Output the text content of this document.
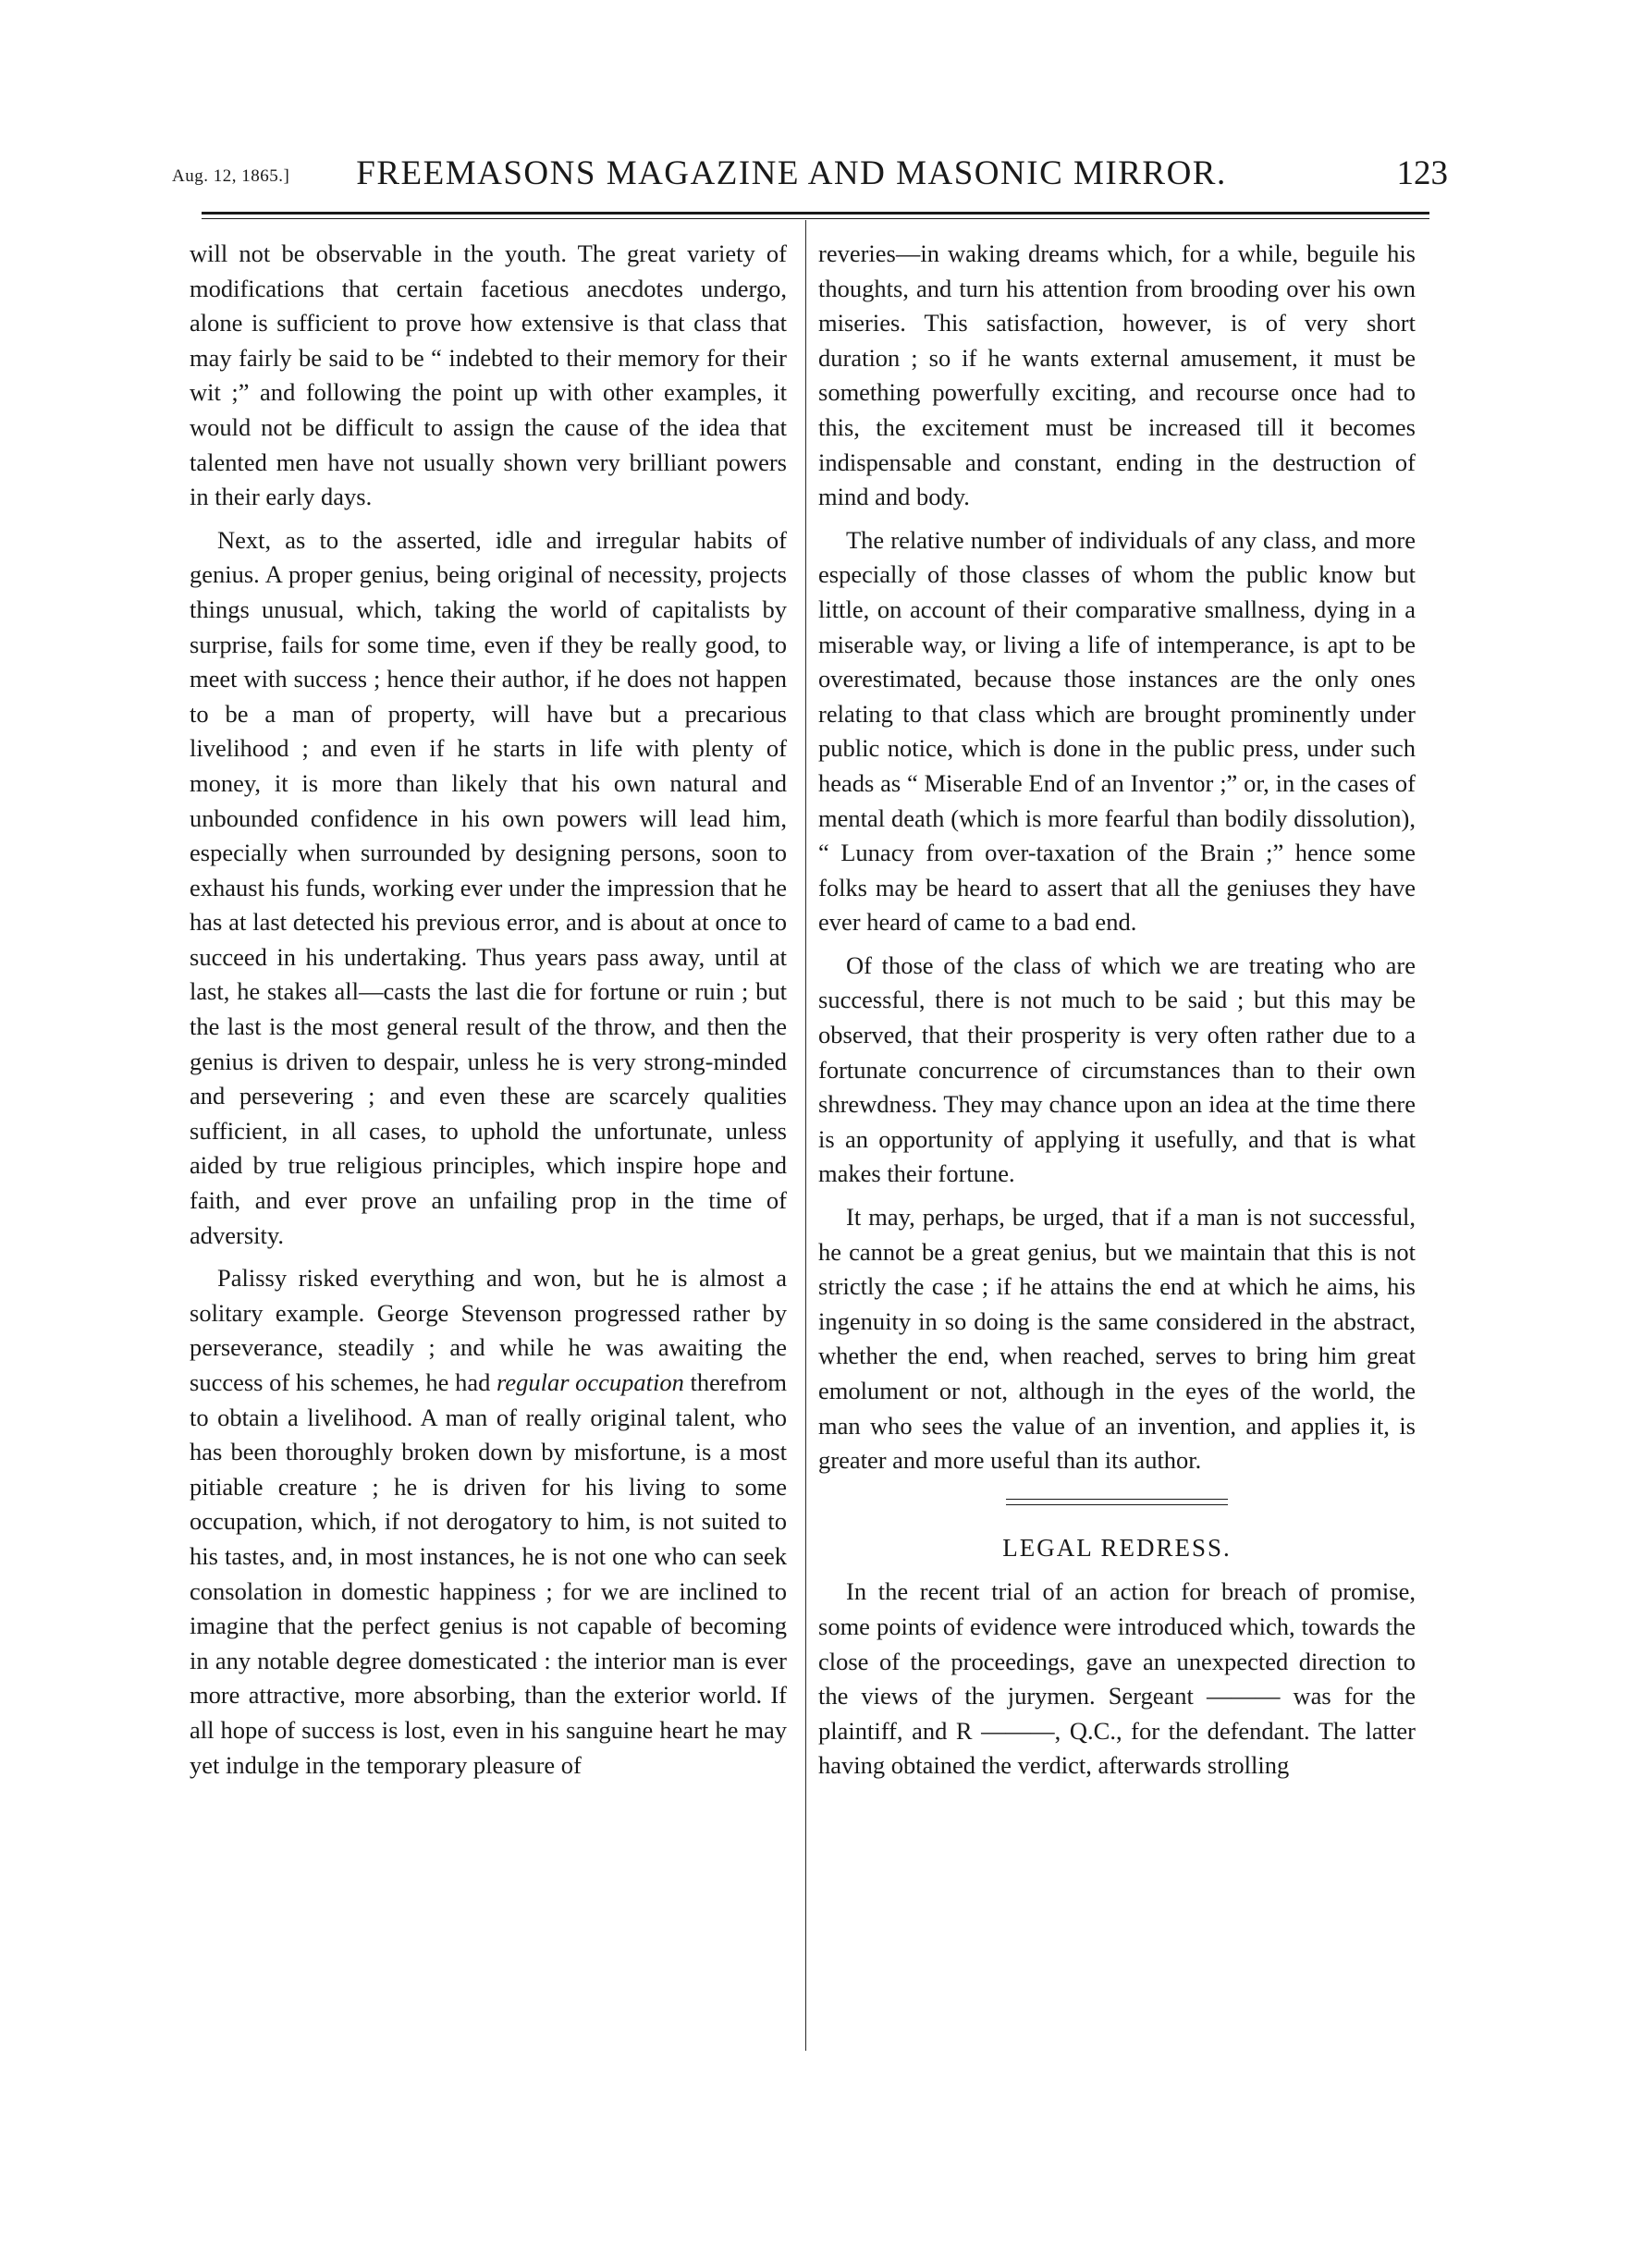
Aug. 12, 1865.]	FREEMASONS MAGAZINE AND MASONIC MIRROR.	123

will not be observable in the youth. The great variety of modifications that certain facetious anecdotes undergo, alone is sufficient to prove how extensive is that class that may fairly be said to be “ indebted to their memory for their wit ;” and following the point up with other examples, it would not be difficult to assign the cause of the idea that talented men have not usually shown very brilliant powers in their early days.

Next, as to the asserted, idle and irregular habits of genius. A proper genius, being original of necessity, projects things unusual, which, taking the world of capitalists by surprise, fails for some time, even if they be really good, to meet with success ; hence their author, if he does not happen to be a man of property, will have but a precarious livelihood ; and even if he starts in life with plenty of money, it is more than likely that his own natural and unbounded confidence in his own powers will lead him, especially when surrounded by designing persons, soon to exhaust his funds, working ever under the impression that he has at last detected his previous error, and is about at once to succeed in his undertaking. Thus years pass away, until at last, he stakes all—casts the last die for fortune or ruin ; but the last is the most general result of the throw, and then the genius is driven to despair, unless he is very strong-minded and persevering ; and even these are scarcely qualities sufficient, in all cases, to uphold the unfortunate, unless aided by true religious principles, which inspire hope and faith, and ever prove an unfailing prop in the time of adversity.

Palissy risked everything and won, but he is almost a solitary example. George Stevenson progressed rather by perseverance, steadily ; and while he was awaiting the success of his schemes, he had regular occupation therefrom to obtain a livelihood. A man of really original talent, who has been thoroughly broken down by misfortune, is a most pitiable creature ; he is driven for his living to some occupation, which, if not derogatory to him, is not suited to his tastes, and, in most instances, he is not one who can seek consolation in domestic happiness ; for we are inclined to imagine that the perfect genius is not capable of becoming in any notable degree domesticated : the interior man is ever more attractive, more absorbing, than the exterior world. If all hope of success is lost, even in his sanguine heart he may yet indulge in the temporary pleasure of

reveries—in waking dreams which, for a while, beguile his thoughts, and turn his attention from brooding over his own miseries. This satisfaction, however, is of very short duration ; so if he wants external amusement, it must be something powerfully exciting, and recourse once had to this, the excitement must be increased till it becomes indispensable and constant, ending in the destruction of mind and body.

The relative number of individuals of any class, and more especially of those classes of whom the public know but little, on account of their comparative smallness, dying in a miserable way, or living a life of intemperance, is apt to be overestimated, because those instances are the only ones relating to that class which are brought prominently under public notice, which is done in the public press, under such heads as “ Miserable End of an Inventor ;” or, in the cases of mental death (which is more fearful than bodily dissolution), “ Lunacy from over-taxation of the Brain ;” hence some folks may be heard to assert that all the geniuses they have ever heard of came to a bad end.

Of those of the class of which we are treating who are successful, there is not much to be said ; but this may be observed, that their prosperity is very often rather due to a fortunate concurrence of circumstances than to their own shrewdness. They may chance upon an idea at the time there is an opportunity of applying it usefully, and that is what makes their fortune.

It may, perhaps, be urged, that if a man is not successful, he cannot be a great genius, but we maintain that this is not strictly the case ; if he attains the end at which he aims, his ingenuity in so doing is the same considered in the abstract, whether the end, when reached, serves to bring him great emolument or not, although in the eyes of the world, the man who sees the value of an invention, and applies it, is greater and more useful than its author.

LEGAL REDRESS.

In the recent trial of an action for breach of promise, some points of evidence were introduced which, towards the close of the proceedings, gave an unexpected direction to the views of the jurymen. Sergeant ——— was for the plaintiff, and R ———, Q.C., for the defendant. The latter having obtained the verdict, afterwards strolling
